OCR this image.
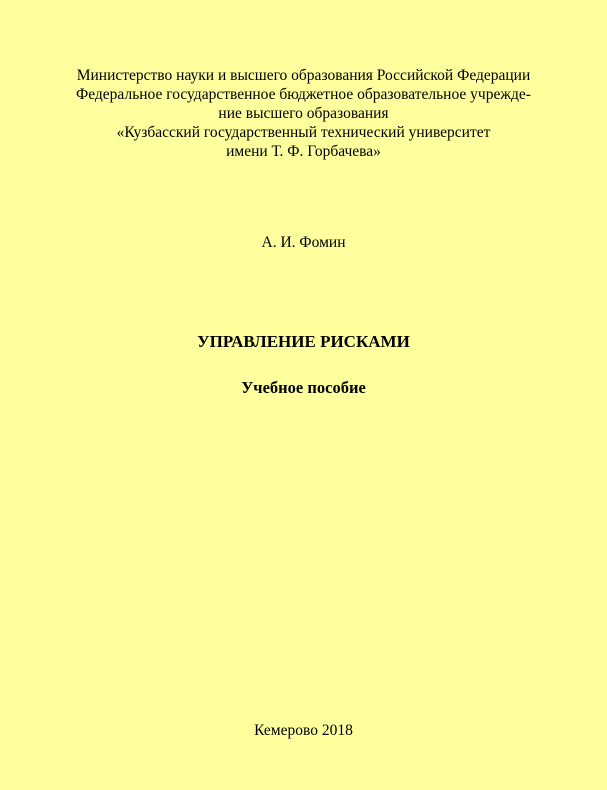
Министерство науки и высшего образования Российской Федерации
Федеральное государственное бюджетное образовательное учрежде-
ние высшего образования
«Кузбасский государственный технический университет
имени Т. Ф. Горбачева»
А. И. Фомин
УПРАВЛЕНИЕ РИСКАМИ
Учебное пособие
Кемерово 2018
